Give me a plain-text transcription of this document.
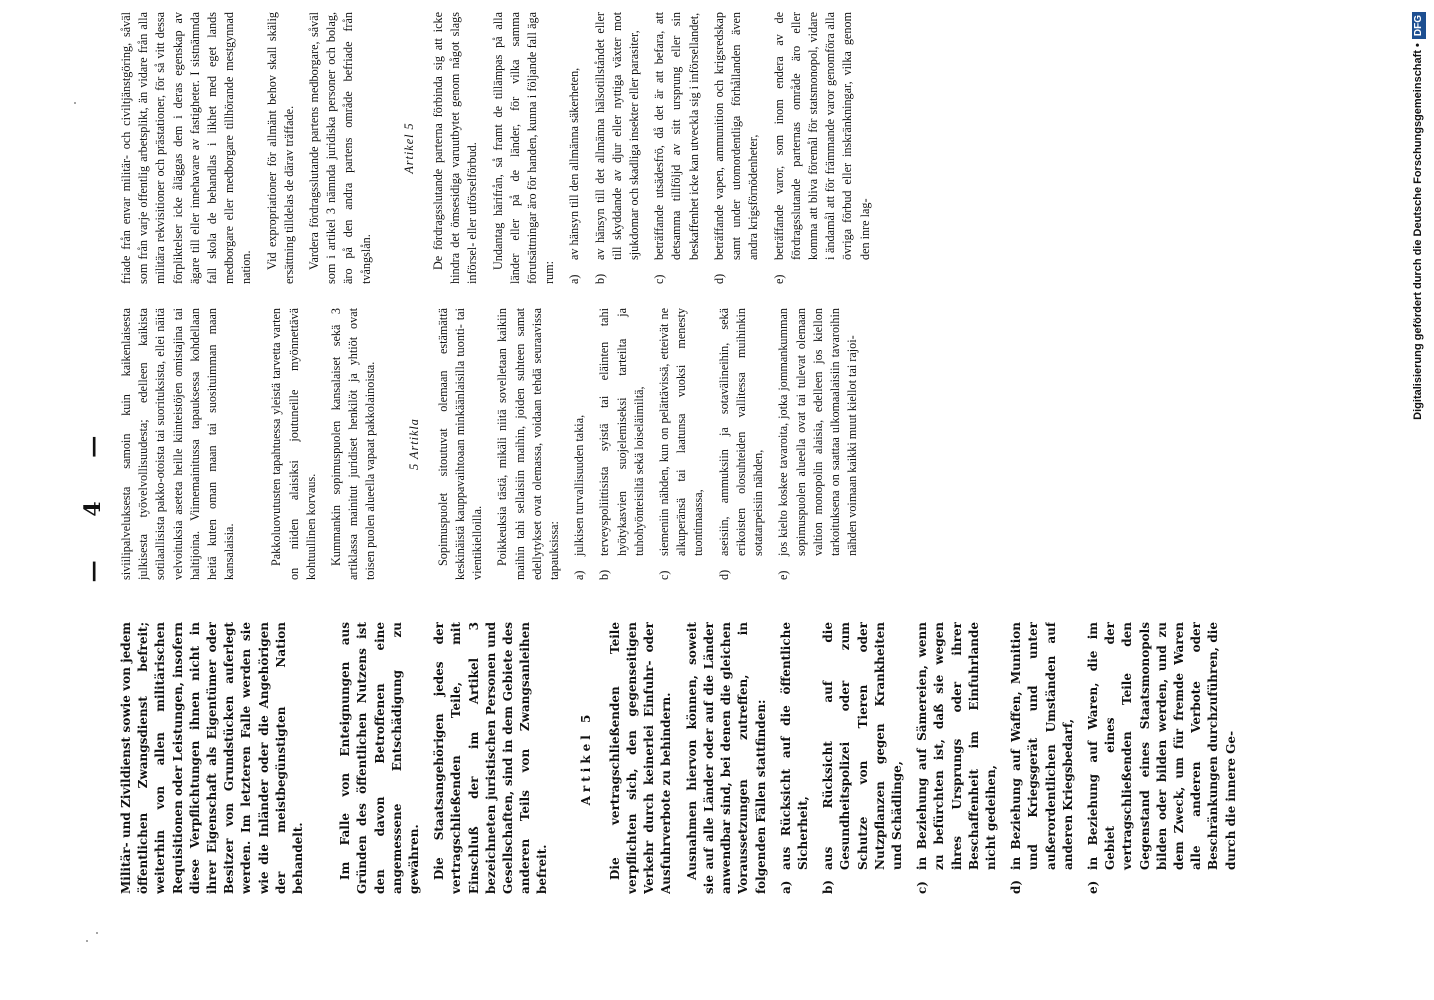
— 4 —

Militär- und Zivildienst sowie von jedem öffentlichen Zwangsdienst befreit; weiterhin von allen militärischen Requisitionen oder Leistungen, insofern diese Verpflichtungen ihnen nicht in ihrer Eigenschaft als Eigentümer oder Besitzer von Grundstücken auferlegt werden. Im letzteren Falle werden sie wie die Inländer oder die Angehörigen der meistbegünstigten Nation behandelt.	Im Falle von Enteignungen aus Gründen des öffentlichen Nutzens ist den davon Betroffenen eine angemessene Entschädigung zu gewähren. Die Staatsangehörigen jedes der vertragschließenden Teile, mit Einschluß der im Artikel 3 bezeichneten juristischen Personen und Gesellschaften, sind in dem Gebiete des anderen Teils von Zwangsanleihen befreit.

Artikel 5 Die vertragschließenden Teile verpflichten sich, den gegenseitigen Verkehr durch keinerlei Einfuhr- oder Ausfuhrverbote zu behindern. Ausnahmen hiervon können, soweit sie auf alle Länder oder auf die Länder anwendbar sind, bei denen die gleichen Voraussetzungen zutreffen, in folgenden Fällen stattfinden: a)
aus Rücksicht auf die öffentliche Sicherheit,
b)
aus Rücksicht auf die Gesundheitspolizei oder zum Schutze von Tieren oder Nutzpflanzen gegen Krankheiten und Schädlinge,
c)
in Beziehung auf Sämereien, wenn zu befürchten ist, daß sie wegen ihres Ursprungs oder ihrer Beschaffenheit im Einfuhrlande nicht gedeihen,
d)
in Beziehung auf Waffen, Munition und Kriegsgerät und unter außerordentlichen Umständen auf anderen Kriegsbedarf,
e)
in Beziehung auf Waren, die im Gebiet eines der vertragschließenden Teile den Gegenstand eines Staatsmonopols bilden oder bilden werden, und zu dem Zweck, um für fremde Waren alle anderen Verbote oder Beschränkungen durchzuführen, die durch die innere Ge-

siviilipalveluksesta samoin kuin kaikenlaisesta julkisesta työvelvollisuudesta; edelleen kaikista sotilaallisista pakko-otoista tai suorituksista, ellei näitä velvoituksia aseteta heille kiinteistöjen omistajina tai haltijoina. Viimemainitussa tapauksessa kohdellaan heitä kuten oman maan tai suosituimman maan kansalaisia.	Pakkoluovutusten tapahtuessa yleistä tarvetta varten on niiden alaisiksi joutuneille myönnettävä kohtuullinen korvaus. Kummankin sopimuspuolen kansalaiset sekä 3 artiklassa mainitut juridiset henkilöt ja yhtiöt ovat toisen puolen alueella vapaat pakkolainoista. 5 Artikla Sopimuspuolet sitoutuvat olemaan estämättä keskinäistä kauppavaihtoaan minkäänlaisilla tuonti- tai vientikielloilla. Poikkeuksia tästä, mikäli niitä sovelletaan kaikiin maihin tahi sellaisiin maihin, joiden suhteen samat edellytykset ovat olemassa, voidaan tehdä seuraavissa tapauksissa: a)
julkisen turvallisuuden takia,
b)
terveyspoliittisista syistä tai eläinten tahi hyötykasvien suojelemiseksi tarteilta ja tuhohyönteisiltä sekä loiseläimiltä,
c)
siemeniin nähden, kun on pelättävissä, etteivät ne alkuperänsä tai laatunsa vuoksi menesty tuontimaassa,
d)
aseisiin, ammuksiin ja sotavälineihin, sekä erikoisten olosuhteiden vallitessa muihinkin sotatarpeisiin nähden,
e)
jos kielto koskee tavaroita, jotka jommankumman sopimuspuolen alueella ovat tai tulevat olemaan valtion monopolin alaisia, edelleen jos kiellon tarkoituksena on saattaa ulkomaalaisiin tavaroihin nähden voimaan kaikki muut kiellot tai rajoi-

friade från envar militär- och civiltjänstgöring, såväl som från varje offentlig arbetsplikt, än vidare från alla militära rekvisitioner och prästationer, för så vitt dessa förpliktelser icke åläggas dem i deras egenskap av ägare till eller innehavare av fastigheter. I sistnämnda fall skola de behandlas i likhet med eget lands medborgare eller medborgare tillhörande mestgynnad nation. Vid expropriationer för allmänt behov skall skälig ersättning tilldelas de därav träffade. Vardera fördragsslutande partens medborgare, såväl som i artikel 3 nämnda juridiska personer och bolag, äro på den andra partens område befriade från tvångslån.

Artikel 5 De fördragsslutande parterna förbinda sig att icke hindra det ömsesidiga varuutbytet genom något slags införsel- eller utförselförbud. Undantag härifrån, så framt de tillämpas på alla länder eller på de länder, för vilka samma förutsättningar äro för handen, kunna i följande fall äga rum: a)
av hänsyn till den allmänna säkerheten,
b)
av hänsyn till det allmänna hälsotillståndet eller till skyddande av djur eller nyttiga växter mot sjukdomar och skadliga insekter eller parasiter,
c)
beträffande utsädesfrö, då det är att befara, att detsamma tillföljd av sitt ursprung eller sin beskaffenhet icke kan utveckla sig i införsellandet,
d)
beträffande vapen, ammunition och krigsredskap samt under utomordentliga förhållanden även andra krigsförnödenheter,
e)
beträffande varor, som inom endera av de fördragsslutande parternas område äro eller komma att bliva föremål för statsmonopol, vidare i ändamål att för främmande varor genomföra alla övriga förbud eller inskränkningar, vilka genom den inre lag-	Digitalisierung gefördert durch die Deutsche Forschungsgemeinschaft •DFG
